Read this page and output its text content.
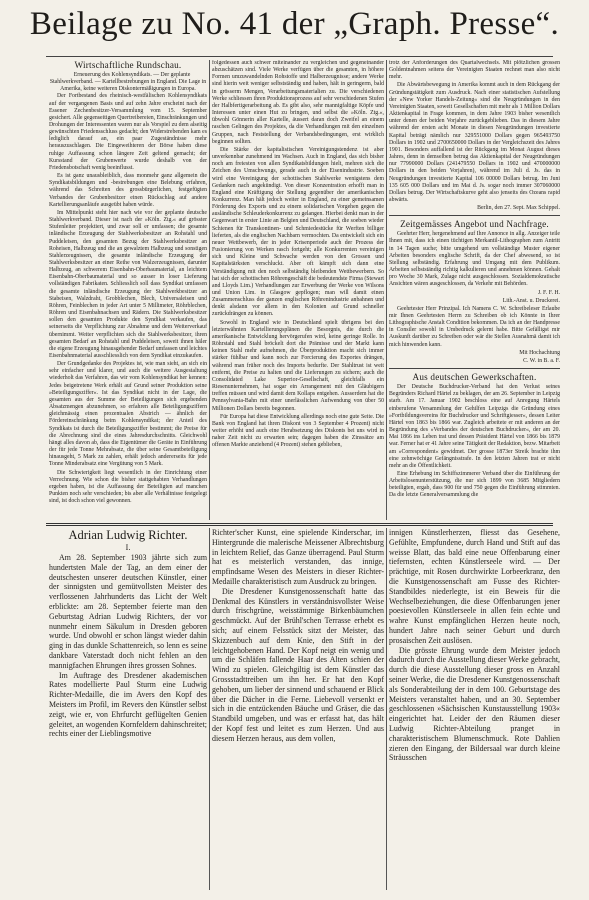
Beilage zu No. 41 der „Graph. Presse“.

Wirtschaftliche Rundschau.

Erneuerung des Kohlensyndikats. — Der geplante Stahlwerkverband. — Kartellbestrebungen in England. Die Lage in Amerika, keine weiteren Diskontermäßigungen in Europa.

Der Fortbestand des rheinisch-westfälischen Kohlensyndikats auf der vergangenen Basis und auf zehn Jahre erscheint nach der Essener Zechenbesitzer-Versammlung vom 15. September gesichert. Alle gegenseitigen Quertreibereien, Einschränkungen und Drohungen der Interessenten waren nur als Vorspiel zu dem alseitig gewünschten Friedensschluss gedacht; den Widerstrebenden kam es lediglich darauf an, ein paar Zugeständnisse mehr herauszuschlagen. Die Eingeweihteren der Börse haben diese ruhige Auffassung schon längere Zeit geltend gemacht; der Kursstand der Grubenwerte wurde deshalb von der Friedensbotschaft wenig beeinflusst.

Es ist ganz unausbleiblich, dass monmehr ganz allgemein die Syndikatsbildungen und -bestrebungen eine Belebung erfahren, während das Schreiten des grossbürgerlichen, festgefügten Verbandes der Grubenbesitzer einen Rückschlag auf andere Kartellierungsanläufe ausgeübt haben würde.

Im Mittelpunkt steht hier nach wie vor der geplante deutsche Stahlwerkverband. Dieser ist nach der »Köln. Ztg.« auf grösster Stufenleiter projektiert, und zwar soll er umfassen; die gesamte inländische Erzeugung der Stahlwerksbesitzer an Rohstahl und Puddeleisen, den gesamten Bezug der Stahlwerksbesitzer an Roheisen, Halbzeug und die an gewalztem Halbzeug und sonstigen Stahlerzeugnissen, die gesamte inländische Erzeugung der Stahlwerksbesitzer an einer Reihe von Walzerzeugnissen, darunter Halbzeug, an schwerem Eisenbahn-Oberbaumaterial, an leichtem Eisenbahn-Oberbaumaterial und so ausser in loser Lieferung vollständigen Fabrikaten. Schliesslich soll dass Syndikat umfassen die gesamte inländische Erzeugung der Stahlwerkbesitzer an Stabeisen, Walzdraht, Grobblechen, Blech, Universaleisen und Röhren, Feinblechen in jeder Art unter 5 Millimeter, Röhrblechen, Röhren und Eisenbahnachsen und Rädern. Die Stahlwerksbesitzer sollen den gesamten Produkte den Syndikat verkaufen, das seinerseits die Verpflichtung zur Abnahme und dem Weiterverkauf übernimmt. Weiter verpflichten sich die Stahlwerksbesitzer, ihren gesamten Bedarf an Rohstahl und Puddeleisen, soweit ihnen häler die eigene Erzeugung hinausgehender Bedarf umfassen und leichtes Eisenbahnmaterial ausschliesslich von dem Syndikat einzukaufen.

Der Grundgedanke des Projektes ist, wie man sieht, an sich ein sehr einfacher und klarer, und auch die weitere Ausgestaltung wiederholt das Verfahren, das wir vom Kohlensyndikat her kennen: Jedes beigetretene Werk erhält auf Grund seiner Produktion seine »Beteiligungsziffer«. Ist das Syndikat nicht in der Lage, die gesamten aus der Summe der Beteiligungen sich ergebenden Absatzmengen abzunehmen, so erfahren alle Beteiligungsziffern gleichmässig einen prozentualen Abstrich — ähnlich der Fördereinschränkung beim Kohlensyndikat; der Anteil des Syndikats ist durch die Beteiligungsziffer bestimmt; die Preise für die Abrechnung sind die eines Jahresdurchschnitts. Gleichwohl hängt alles davon ab, dass die Eigentümer die Geräte in Einführung der für jede Tonne Mehrabsatz, die über seine Gesamtbeteiligung hinausgeht, 5 Mark zu zahlen, erhält jedoch andererseits für jede Tonne Minderabsatz eine Vergütung von 5 Mark.

Die Schwierigkeit liegt wesentlich in der Einrichtung einer Verrechnung. Wie schon die bisher stattgehabten Verhandlungen ergeben haben, ist die Auffassung der Beteiligten auf manchen Punkten noch sehr verschieden; bis aber alle Verhältnisse festgelegt sind, ist doch schon viel gewonnen.

folgedessen auch schwer miteinander zu vergleichen und gegeneinander abzuschätzen sind. Viele Werke verfügen über die gesamten, in höhere Formen umzuwandelnden Rohstoffe und Halberzeugnisse; andere Werke sind hierin weit weniger selbstständig und haben, hält in geringerm, bald in grösserm Mengen, Verarbeitungsmaterialien zu. Die verschiedenen Werke schliessen ihren Produktionsprozess auf sehr verschiedenen Stufen der Halbfertigerarbeitung ab. Es gibt also, sehr mannigfaltige Köpfe und Interessen unter einen Hut zu bringen, und selbst die »Köln. Ztg.«, übwohl Gönnerin aller Kartelle, äussert daran doch Zweifel an einem raschen Gelingen des Projektes, da die Verhandlungen mit den einzelnen Gruppen, nach Feststellung der Verbandsbedingungen, erst wirklich beginnen sollten.

Die Stärke der kapitalistischen Vereinigungstendenz ist aber unverkennbar zunehmend im Wachsen. Auch in England, das sich bisher noch am freiesten von allen Syndikatsbildungen hielt, mehren sich die Zeichen des Umschwungs, gerade auch in der Eisenindustrie. Soeben wird eine Vereinigung der schottischen Stahlwerke wenigstens dem Gedanken nach angekündigt. Von dieser Konzentration erhofft man in England eine Kräftigung der Stellung gegenüber der amerikanischen Konkurrenz. Man hält jedoch weiter in England, zu einer gemeinsamen Förderung des Exports und zu einem solidarischen Vorgehen gegen die ausländische Schleuderkonkurrenz zu gelangen. Hierbei denkt man in der Gegenwart in erster Linie an Belgien und Deutschland, die soeben wieder Schienen für Transkontinen- und Schmiedestücke für Werften billiger lieferten, als die englischen Nachbarn vermochten. Da entwickelt sich ein neuer Wettbewerb, der in jeder Krisenperiode auch der Prozess der Fusionierung von Werken rasch fortgeht; alle Konkurrenten vereinigen sich und Kleine und Schwache werden von den Grossen und Kapitalstärksten verschluckt. Aber oft kämpft sich dann eine Verständigung mit den noch selbständig bleibenden Wettbewerbern. So hat sich der schottischen Röhrengeschäft die bedeutendste Firma (Stewart and Lloyds Lim.) Verhandlungen zur Erwerbung der Werke von Wilsons und Union Lim. in Glasgow gepflogen; man will damit einen Zusammenschluss der ganzen englischen Röhrenindustrie anbahnen und denkt alsdann vor allem in den Kolonien auf Grund schneller zurückdrängen zu können.

Sowohl in England wie in Deutschland spielt übrigens bei den letzterwähnten Kartellierungsplänen die Besorgnis, die durch die amerikanische Entwicklung hervörgerufen wird, keine geringe Rolle. In Röhrstahl und Stahl bröckelt dort die Prämisse und der Markt kann keinen Stahl mehr aufnehmen, die Überproduktion macht sich immer stärker fühlbar und kann noch zur Forcierung des Exportes drängen, während man früher noch des Imports bedurfte. Der Stahltrust ist weit entfernt, die Preise zu halten und die Lieferungen zu sichern; auch die Consolidated Lake Superior-Gesellschaft, gleichfalls ein Riesenunternehmen, hat sogar ein Arrangement mit den Gläubigern treffen müssen und wird damit dem Kollaps entgehen. Ausserdem hat die Pennsylvania-Bahn mit einer unerlässlichen Aufwendung von über 50 Millionen Dollars bereits begonnen.

Für Europa hat diese Entwicklung allerdings noch eine gute Seite. Die Bank von England hat ihren Diskont von 3 September 4 Prozent) nicht weiter erhöht und auch eine Herabsetzung des Diskonts bei uns wird in naher Zeit nicht zu erwarten sein; dagegen haben die Zinssätze am offenen Markte anziehend (4 Prozent) stehen geblieben,

trotz der Anforderungen des Quartalwechsels. Mit plötzlichen grossen Goldentnahmen seitens der Vereinigten Staaten rechnet man also nicht mehr.

Die Abwärtsbewegung in Amerika kommt auch in dem Rückgang der Gründungstätigkeit zum Ausdruck. Nach einer statistischen Aufstellung der »New Yorker Handels-Zeitung« sind die Neugründungen in den Vereinigten Staaten, soweit Gesellschaften mit mehr als 1 Million Dollars Aktienkapital in Frage kommen, in dem Jahre 1903 bisher wesentlich unter denen der beiden Vorjahre zurückgeblieben. Das in diesem Jahre während der ersten acht Monate in diesen Neugründungen investierte Kapital beträgt nämlich nur 329551000 Dollars gegen 965493750 Dollars in 1902 und 2700650000 Dollars in der Vergleichszeit des Jahres 1901. Besonders auffallend ist der Rückgang im Monat August dieses Jahres, denn in demselben betrug das Aktienkapital der Neugründungen nur 77990000 Dollars (241479550 Dollars in 1902 und 470000000 Dollars in den beiden Vorjahren), während im Juli d. Js. das in Neugründungen investierte Kapital 106 00000 Dollars betrug. Im Juni 135 605 000 Dollars und im Mai d. Js. sogar noch immer 307060000 Dollars betrug. Der Wirtschaftskurve geht also jenseits des Ozeans rapid abwärts.

Berlin, den 27. Sept. Max Schippel.

Zeitgemässes Angebot und Nachfrage.

Geehrter Herr, hergenehmend auf Ihre Annonce in allg. Anzeiger teile Ihnen mit, dass ich einen tüchtigen Merkantil-Lithographen zum Antritt in 14 Tagen suche; bitte umgehend um vollständige Muster eigener Arbeiten besonders englische Schrift, da der Chef abwesend, so ist Stellung selbständig. Erfahrung und Umgang mit dem Publikum. Arbeiten selbstständig richtig kalkulieren und annehmen können. Gehalt pro Woche 30 Mark, Zulage nicht ausgeschlossen. Sozialdemokratische Ansichten wären ausgeschlossen, da Verkehr mit Behörden.

J. F. F. H.

Lith.-Anst. u. Druckerei.

Geehrtester Herr Prinzipal. Ich Namens C. W. Schreibeleser Erlaube mir Ihnen Geehrtesten Herrn zu Schreiben ob ich Könnte in Ihrer Lithographische Anstalt Condition bekommen. Da ich an der Handpresse in Consiler sowohl in Umbedruck gelernt habe. Bitte Gefälligst mir Auskunft darüber zu Schreiben oder wär die Stellen Ausnahmä damit ich mich hinwenden kann.

Mit Hochachtung

C. W. in B. a. F.

Aus deutschen Gewerkschaften.

Der Deutsche Buchdrucker-Verband hat den Verlust seines Begründers Richard Härtel zu beklagen, der am 26. September in Leipzig starb. Am 17. Januar 1902 beschloss eine auf Anregung Härtels einberufene Versammlung der Gehilfen Leipzigs die Gründung eines »Fortbildungsvereins für Buchdrucker und Schriftgiesser«, dessen Leiter Härtel von 1863 bis 1866 war. Zugleich arbeitete er mit anderen an der Begründung des »Verbandes der deutschen Buchdrucker«, der am 20. Mai 1866 ins Leben trat und dessen Präsident Härtel von 1866 bis 1879 war. Ferner hat er 41 Jahre seine Tätigkeit der Redaktion, bezw. Mitarbeit am »Correspondent« gewidmet. Der grosse 1873er Streik brachte ihm eine zehnwöchige Gefängnisstrafe. In den letzten Jahren trat er nicht mehr an die Öffentlichkeit.

Eine Erhebung im Schiffszimmerer Verband über die Einführung der Arbeitslosenunterstützung, die nur sich 1899 von 3685 Mitgliedern beteiligten, ergab, dass 900 für und 750 gegen die Einführung stimmten. Da die letzte Generalversammlung die

Adrian Ludwig Richter.

I.

Am 28. September 1903 jährte sich zum hundertsten Male der Tag, an dem einer der deutschesten unserer deutschen Künstler, einer der sinnigsten und gemütvollsten Meister des verflossenen Jahrhunderts das Licht der Welt erblickte: am 28. September feierte man den Geburtstag Adrian Ludwig Richters, der vor nunmehr einem Säkulum in Dresden geboren wurde. Und obwohl er schon längst wieder dahin ging in das dunkle Schattenreich, so lenn es seine dankbare Vaterstadt doch nicht fehlen an den mannigfachen Ehrungen ihres grossen Sohnes.

Im Auftrage des Dresdener akademischen Rates modellierte Paul Sturm eine Ludwig Richter-Medaille, die im Avers den Kopf des Meisters im Profil, im Revers den Künstler selbst zeigt, wie er, von Ehrfurcht geflügelten Genien geleitet, an wogenden Kornfeldern dahinschreitet; rechts einer der Lieblingsmotive

Richter'scher Kunst, eine spielende Kinderschar, im Hintergrunde die malerische Meissener Albrechtsburg in leichtem Relief, das Ganze überragend. Paul Sturm hat es meisterlich verstanden, das innige, empfindsame Wesen des Meisters in dieser Richter-Medaille charakteristisch zum Ausdruck zu bringen.

Die Dresdener Kunstgenossenschaft hatte das Denkmal des Künstlers in verständnisvollster Weise durch frischgrüne, weisstämmige Birkenbäumchen geschmückt. Auf der Brühl'schen Terrasse erhebt es sich; auf einem Felsstück sitzt der Meister, das Skizzenbuch auf dem Knie, den Stift in der leichtgehobenen Hand. Der Kopf neigt ein wenig und um die Schläfen fallende Haar des Alten schien der Wind zu spielen. Gleichgiltig ist dem Künstler das Grossstadttreiben um ihn her. Er hat den Kopf gehoben, um lieber der sinnend und schauend er Blick über die Dächer in die Ferne. Liebevoll versenkt er sich in die entzückenden Bäuche und Gräser, die das Standbild umgeben, und was er erfasst hat, das hält der Kopf fest und leitet es zum Herzen. Und aus diesem Herzen heraus, aus dem vollen,

innigen Künstlerherzen, fliesst das Gesehene, Gefühlte, Empfundene, durch Hand und Stift auf das weisse Blatt, das bald eine neue Offenbarung einer tiefernsten, echten Künstlerseele wird. — Der prächtige, mit Rosen durchwirkte Lorbeerkranz, den die Kunstgenossenschaft am Fusse des Richter-Standbildes niederlegte, ist ein Beweis für die Wechselbeziehungen, die diese Offenbarungen jener poesievollen Künstlerseele in allen fein echte und wahre Kunst empfänglichen Herzen heute noch, hundert Jahre nach seiner Geburt und durch prosaischen Zeit auslösen.

Die grösste Ehrung wurde dem Meister jedoch dadurch durch die Ausstellung dieser Werke gebracht, durch die diese Ausstellung dieser gross en Anzahl seiner Werke, die die Dresdener Kunstgenossenschaft als Sonderabteilung der in dem 100. Geburtstage des Meisters veranstaltet haben, und an 30. September geschlossenen »Sächsischen Kunstausstellung 1903« eingerichtet hat. Leider der den Räumen dieser Ludwig Richter-Abteilung pranget in charakteristischem Blumenschmuck. Rote Dahlien zieren den Eingang, der Bildersaal war durch kleine Sträusschen
